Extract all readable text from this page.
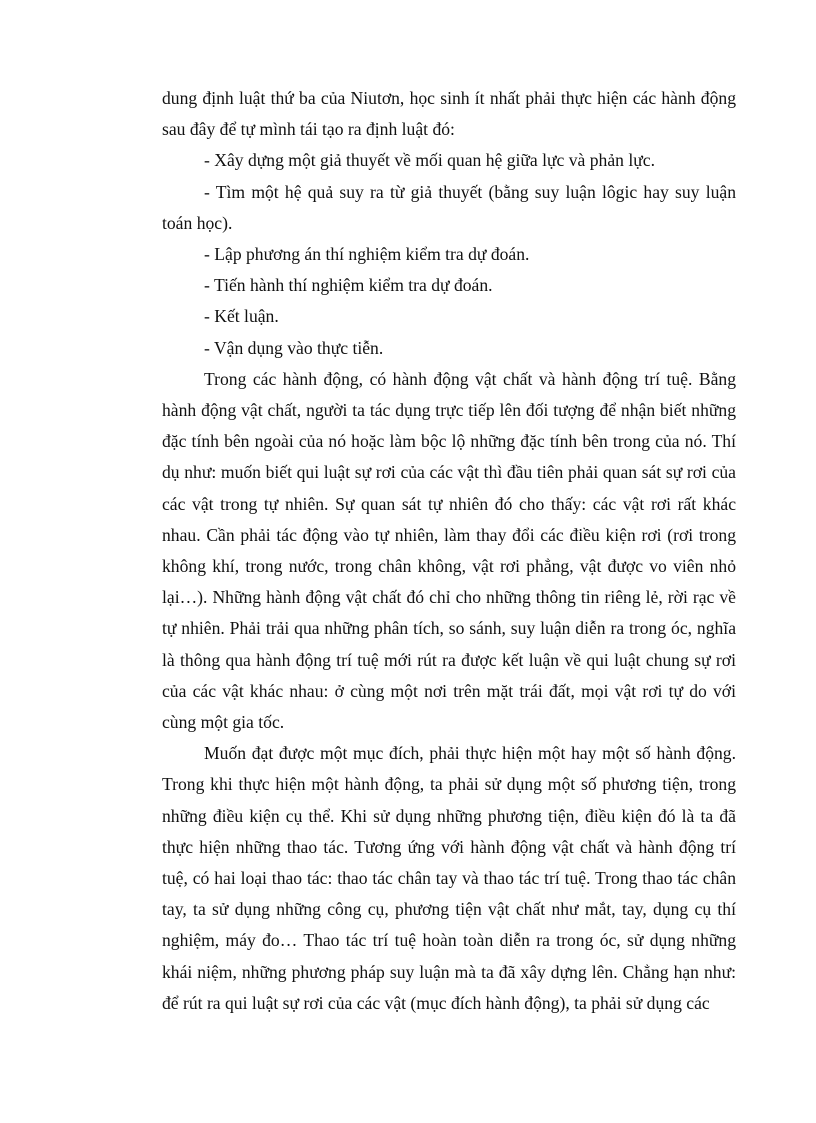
dung định luật thứ ba của Niutơn, học sinh ít nhất phải thực hiện các hành động sau đây để tự mình tái tạo ra định luật đó:

- Xây dựng một giả thuyết về mối quan hệ giữa lực và phản lực.

- Tìm một hệ quả suy ra từ giả thuyết (bằng suy luận lôgic hay suy luận toán học).

- Lập phương án thí nghiệm kiểm tra dự đoán.

- Tiến hành thí nghiệm kiểm tra dự đoán.

- Kết luận.

- Vận dụng vào thực tiễn.

Trong các hành động, có hành động vật chất và hành động trí tuệ. Bằng hành động vật chất, người ta tác dụng trực tiếp lên đối tượng để nhận biết những đặc tính bên ngoài của nó hoặc làm bộc lộ những đặc tính bên trong của nó. Thí dụ như: muốn biết qui luật sự rơi của các vật thì đầu tiên phải quan sát sự rơi của các vật trong tự nhiên. Sự quan sát tự nhiên đó cho thấy: các vật rơi rất khác nhau. Cần phải tác động vào tự nhiên, làm thay đổi các điều kiện rơi (rơi trong không khí, trong nước, trong chân không, vật rơi phẳng, vật được vo viên nhỏ lại…). Những hành động vật chất đó chỉ cho những thông tin riêng lẻ, rời rạc về tự nhiên. Phải trải qua những phân tích, so sánh, suy luận diễn ra trong óc, nghĩa là thông qua hành động trí tuệ mới rút ra được kết luận về qui luật chung sự rơi của các vật khác nhau: ở cùng một nơi trên mặt trái đất, mọi vật rơi tự do với cùng một gia tốc.

Muốn đạt được một mục đích, phải thực hiện một hay một số hành động. Trong khi thực hiện một hành động, ta phải sử dụng một số phương tiện, trong những điều kiện cụ thể. Khi sử dụng những phương tiện, điều kiện đó là ta đã thực hiện những thao tác. Tương ứng với hành động vật chất và hành động trí tuệ, có hai loại thao tác: thao tác chân tay và thao tác trí tuệ. Trong thao tác chân tay, ta sử dụng những công cụ, phương tiện vật chất như mắt, tay, dụng cụ thí nghiệm, máy đo… Thao tác trí tuệ hoàn toàn diễn ra trong óc, sử dụng những khái niệm, những phương pháp suy luận mà ta đã xây dựng lên. Chẳng hạn như: để rút ra qui luật sự rơi của các vật (mục đích hành động), ta phải sử dụng các
